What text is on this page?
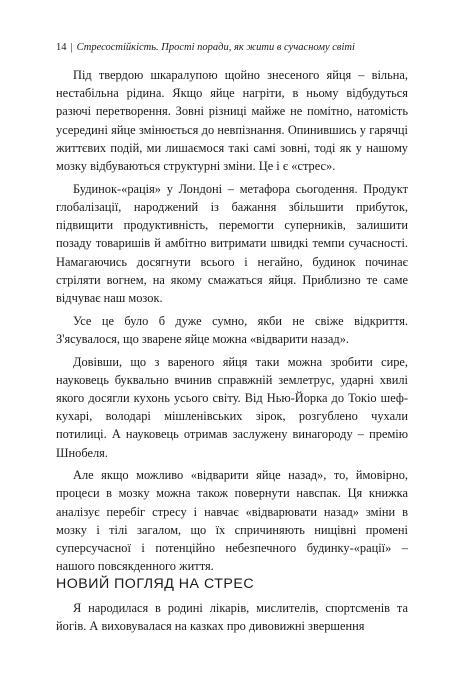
14 | Стресостійкість. Прості поради, як жити в сучасному світі

Під твердою шкаралупою щойно знесеного яйця – вільна, нестабільна рідина. Якщо яйце нагріти, в ньому відбудуться разючі перетворення. Зовні різниці майже не помітно, натомість усередині яйце змінюється до невпізнання. Опинившись у гарячці життєвих подій, ми лишаємося такі самі зовні, тоді як у нашому мозку відбуваються структурні зміни. Це і є «стрес».

Будинок-«рація» у Лондоні – метафора сьогодення. Продукт глобалізації, народжений із бажання збільшити прибуток, підвищити продуктивність, перемогти суперників, залишити позаду товаришів й амбітно витримати швидкі темпи сучасності. Намагаючись досягнути всього і негайно, будинок починає стріляти вогнем, на якому смажаться яйця. Приблизно те саме відчуває наш мозок.

Усе це було б дуже сумно, якби не свіже відкриття. З'ясувалося, що зварене яйце можна «відварити назад».

Довівши, що з вареного яйця таки можна зробити сире, науковець буквально вчинив справжній землетрус, ударні хвилі якого досягли кухонь усього світу. Від Нью-Йорка до Токіо шеф-кухарі, володарі мішленівських зірок, розгублено чухали потилиці. А науковець отримав заслужену винагороду – премію Шнобеля.

Але якщо можливо «відварити яйце назад», то, ймовірно, процеси в мозку можна також повернути навспак. Ця книжка аналізує перебіг стресу і навчає «відварювати назад» зміни в мозку і тілі загалом, що їх спричиняють нищівні промені суперсучасної і потенційно небезпечного будинку-«рації» – нашого повсякденного життя.

НОВИЙ ПОГЛЯД НА СТРЕС

Я народилася в родині лікарів, мислителів, спортсменів та йогів. А виховувалася на казках про дивовижні звершення
